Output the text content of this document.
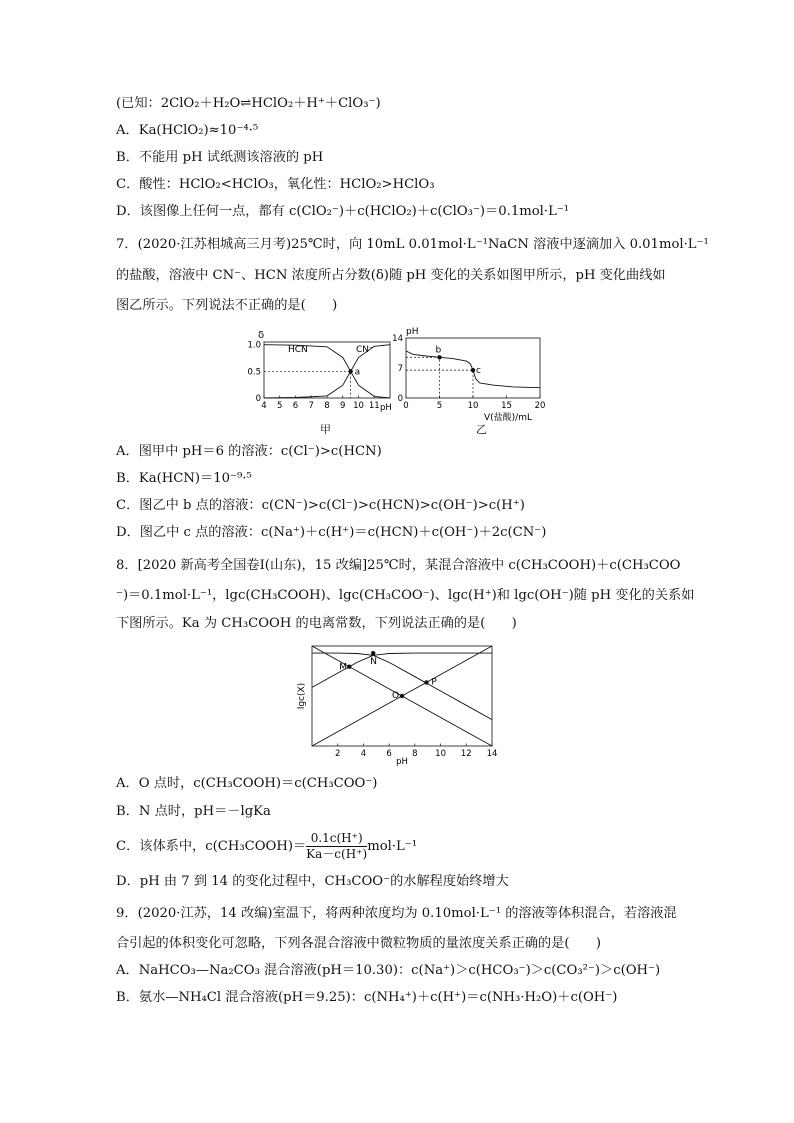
(已知：2ClO₂＋H₂O⇌HClO₂＋H⁺＋ClO₃⁻)
A．Ka(HClO₂)≈10⁻⁴·⁵
B．不能用 pH 试纸测该溶液的 pH
C．酸性：HClO₂<HClO₃，氧化性：HClO₂>HClO₃
D．该图像上任何一点，都有 c(ClO₂⁻)＋c(HClO₂)＋c(ClO₃⁻)＝0.1mol·L⁻¹
7．(2020·江苏相城高三月考)25℃时，向 10mL 0.01mol·L⁻¹NaCN 溶液中逐滴加入 0.01mol·L⁻¹
的盐酸，溶液中 CN⁻、HCN 浓度所占分数(δ)随 pH 变化的关系如图甲所示，pH 变化曲线如
图乙所示。下列说法不正确的是(　　)
4 5 6 7 8 9 10 11
0
0.5
1.0
a
δ
pH
HCN	CN⁻
甲
0	5	10	15	20
0
7
14
b
c
pH
V(盐酸)/mL
乙
A．图甲中 pH＝6 的溶液：c(Cl⁻)>c(HCN)
B．Ka(HCN)＝10⁻⁹·⁵
C．图乙中 b 点的溶液：c(CN⁻)>c(Cl⁻)>c(HCN)>c(OH⁻)>c(H⁺)
D．图乙中 c 点的溶液：c(Na⁺)＋c(H⁺)＝c(HCN)＋c(OH⁻)＋2c(CN⁻)
8．[2020 新高考全国卷Ⅰ(山东)，15 改编]25℃时，某混合溶液中 c(CH₃COOH)＋c(CH₃COO
⁻)＝0.1mol·L⁻¹，lgc(CH₃COOH)、lgc(CH₃COO⁻)、lgc(H⁺)和 lgc(OH⁻)随 pH 变化的关系如
下图所示。Ka 为 CH₃COOH 的电离常数，下列说法正确的是(　　)
2 4 6 8 10 12 14
M
N
O
P
lgc(X)
pH
A．O 点时，c(CH₃COOH)＝c(CH₃COO⁻)
B．N 点时，pH＝－lgKa
C．该体系中，c(CH₃COOH)＝ $\frac{0.1c(H^+)}{Ka-c(H^+)} mol\cdot L^{-1}$
D．pH 由 7 到 14 的变化过程中，CH₃COO⁻的水解程度始终增大
9．(2020·江苏，14 改编)室温下，将两种浓度均为 0.10mol·L⁻¹ 的溶液等体积混合，若溶液混
合引起的体积变化可忽略，下列各混合溶液中微粒物质的量浓度关系正确的是(　　)
A．NaHCO₃—Na₂CO₃ 混合溶液(pH＝10.30)：c(Na⁺)＞c(HCO₃⁻)＞c(CO₃²⁻)＞c(OH⁻)
B．氨水—NH₄Cl 混合溶液(pH＝9.25)：c(NH₄⁺)＋c(H⁺)＝c(NH₃·H₂O)＋c(OH⁻)
